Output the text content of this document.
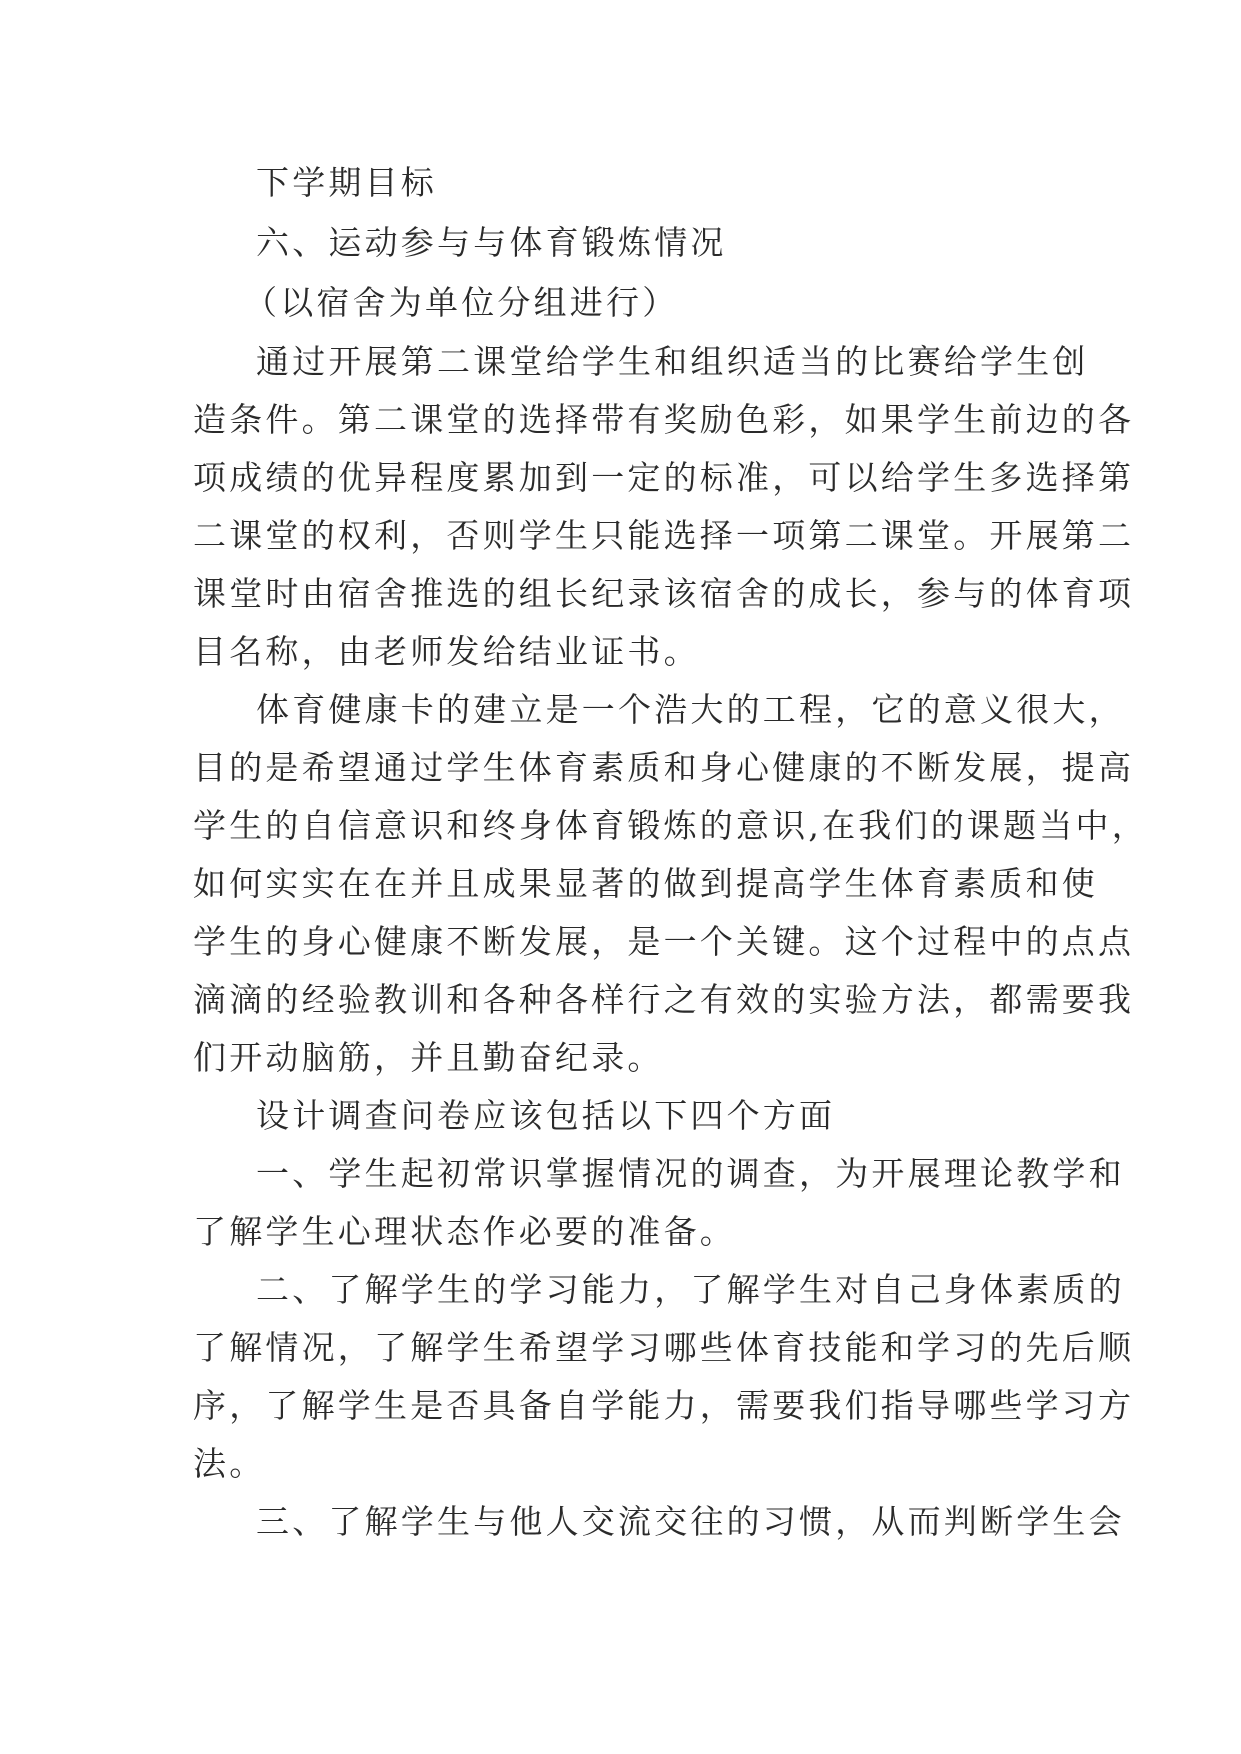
下学期目标
六、运动参与与体育锻炼情况
（以宿舍为单位分组进行）
通过开展第二课堂给学生和组织适当的比赛给学生创
造条件。第二课堂的选择带有奖励色彩，如果学生前边的各
项成绩的优异程度累加到一定的标准，可以给学生多选择第
二课堂的权利，否则学生只能选择一项第二课堂。开展第二
课堂时由宿舍推选的组长纪录该宿舍的成长，参与的体育项
目名称，由老师发给结业证书。
体育健康卡的建立是一个浩大的工程，它的意义很大，
目的是希望通过学生体育素质和身心健康的不断发展，提高
学生的自信意识和终身体育锻炼的意识,在我们的课题当中，
如何实实在在并且成果显著的做到提高学生体育素质和使
学生的身心健康不断发展，是一个关键。这个过程中的点点
滴滴的经验教训和各种各样行之有效的实验方法，都需要我
们开动脑筋，并且勤奋纪录。
设计调查问卷应该包括以下四个方面
一、学生起初常识掌握情况的调查，为开展理论教学和
了解学生心理状态作必要的准备。
二、了解学生的学习能力，了解学生对自己身体素质的
了解情况，了解学生希望学习哪些体育技能和学习的先后顺
序，了解学生是否具备自学能力，需要我们指导哪些学习方
法。
三、了解学生与他人交流交往的习惯，从而判断学生会
